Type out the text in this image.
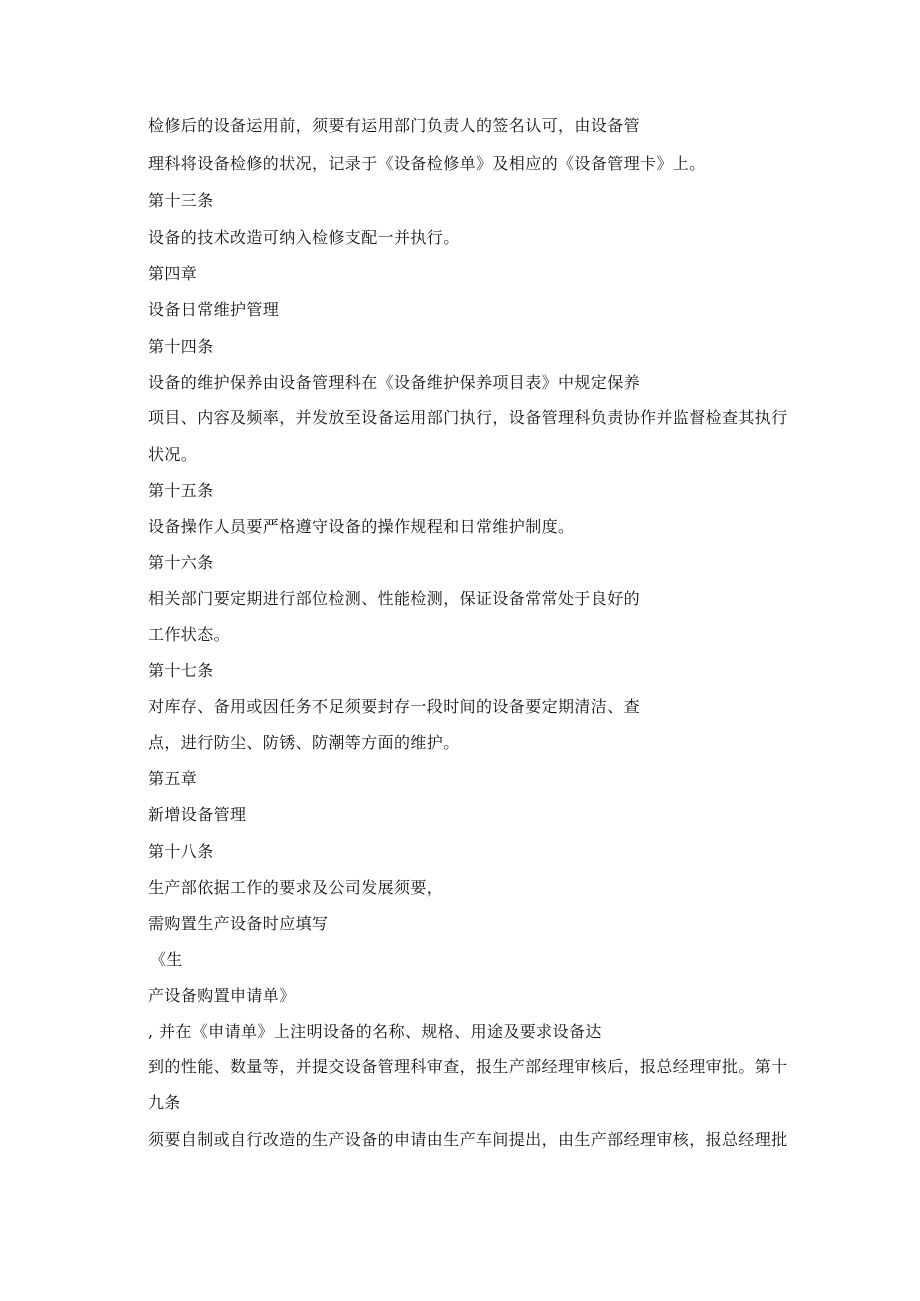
检修后的设备运用前，须要有运用部门负责人的签名认可，由设备管
理科将设备检修的状况，记录于《设备检修单》及相应的《设备管理卡》上。
第十三条
设备的技术改造可纳入检修支配一并执行。
第四章
设备日常维护管理
第十四条
设备的维护保养由设备管理科在《设备维护保养项目表》中规定保养
项目、内容及频率，并发放至设备运用部门执行，设备管理科负责协作并监督检查其执行
状况。
第十五条
设备操作人员要严格遵守设备的操作规程和日常维护制度。
第十六条
相关部门要定期进行部位检测、性能检测，保证设备常常处于良好的
工作状态。
第十七条
对库存、备用或因任务不足须要封存一段时间的设备要定期清洁、查
点，进行防尘、防锈、防潮等方面的维护。
第五章
新增设备管理
第十八条
生产部依据工作的要求及公司发展须要，
需购置生产设备时应填写
《生
产设备购置申请单》
, 并在《申请单》上注明设备的名称、规格、用途及要求设备达
到的性能、数量等，并提交设备管理科审查，报生产部经理审核后，报总经理审批。第十
九条
须要自制或自行改造的生产设备的申请由生产车间提出，由生产部经理审核，报总经理批
